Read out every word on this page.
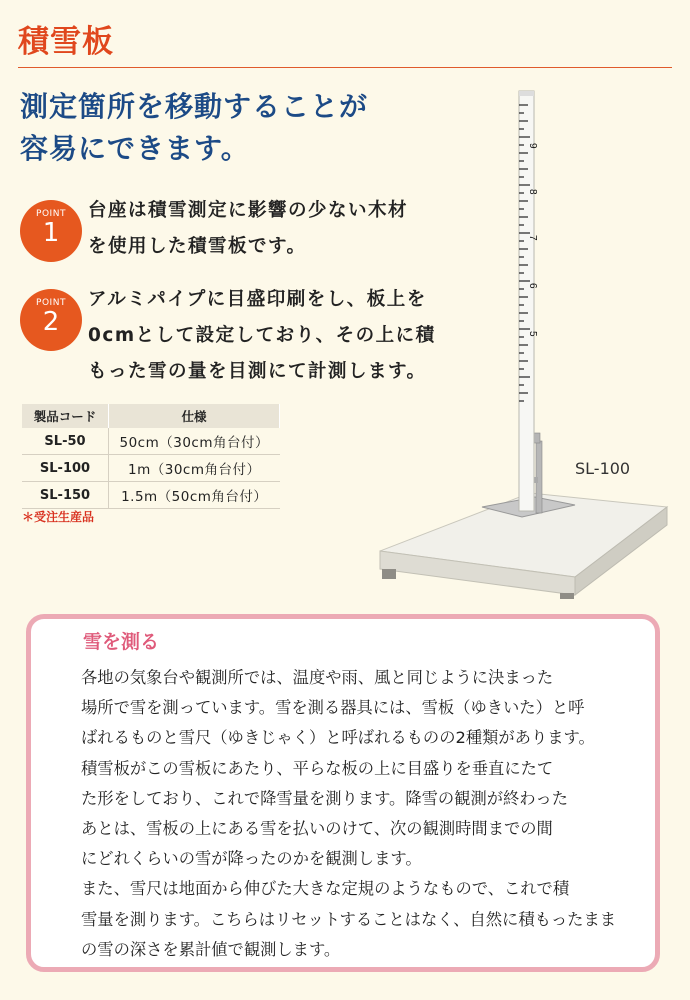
積雪板
測定箇所を移動することが
容易にできます。	9
8
7
6
5
SL-100
POINT
1
台座は積雪測定に影響の少ない木材
を使用した積雪板です。
POINT
2
アルミパイプに目盛印刷をし、板上を
0cmとして設定しており、その上に積
もった雪の量を目測にて計測します。
製品コード	仕様
SL-50	50cm（30cm角台付）
SL-100	1m（30cm角台付）
SL-150	1.5m（50cm角台付）
＊受注生産品
雪を測る

各地の気象台や観測所では、温度や雨、風と同じように決まった

場所で雪を測っています。雪を測る器具には、雪板（ゆきいた）と呼

ばれるものと雪尺（ゆきじゃく）と呼ばれるものの2種類があります。

積雪板がこの雪板にあたり、平らな板の上に目盛りを垂直にたて

た形をしており、これで降雪量を測ります。降雪の観測が終わった

あとは、雪板の上にある雪を払いのけて、次の観測時間までの間

にどれくらいの雪が降ったのかを観測します。

また、雪尺は地面から伸びた大きな定規のようなもので、これで積

雪量を測ります。こちらはリセットすることはなく、自然に積もったまま

の雪の深さを累計値で観測します。
